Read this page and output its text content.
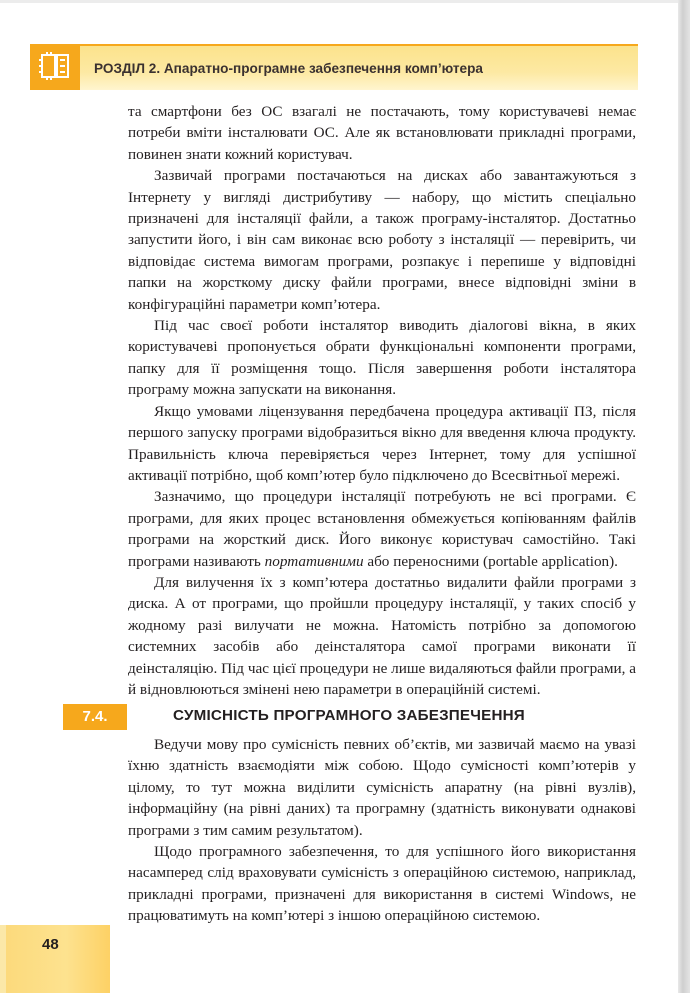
РОЗДІЛ 2. Апаратно-програмне забезпечення комп’ютера

та смартфони без ОС взагалі не постачають, тому користувачеві немає потреби вміти інсталювати ОС. Але як встановлювати прикладні програми, повинен знати кожний користувач.

Зазвичай програми постачаються на дисках або завантажуються з Інтернету у вигляді дистрибутиву — набору, що містить спеціально призначені для інсталяції файли, а також програму-інсталятор. Достатньо запустити його, і він сам виконає всю роботу з інсталяції — перевірить, чи відповідає система вимогам програми, розпакує і перепише у відповідні папки на жорсткому диску файли програми, внесе відповідні зміни в конфігураційні параметри комп’ютера.

Під час своєї роботи інсталятор виводить діалогові вікна, в яких користувачеві пропонується обрати функціональні компоненти програми, папку для її розміщення тощо. Після завершення роботи інсталятора програму можна запускати на виконання.

Якщо умовами ліцензування передбачена процедура активації ПЗ, після першого запуску програми відобразиться вікно для введення ключа продукту. Правильність ключа перевіряється через Інтернет, тому для успішної активації потрібно, щоб комп’ютер було підключено до Всесвітньої мережі.

Зазначимо, що процедури інсталяції потребують не всі програми. Є програми, для яких процес встановлення обмежується копіюванням файлів програми на жорсткий диск. Його виконує користувач самостійно. Такі програми називають портативними або переносними (portable application).

Для вилучення їх з комп’ютера достатньо видалити файли програми з диска. А от програми, що пройшли процедуру інсталяції, у таких спосіб у жодному разі вилучати не можна. Натомість потрібно за допомогою системних засобів або деінсталятора самої програми виконати її деінсталяцію. Під час цієї процедури не лише видаляються файли програми, а й відновлюються змінені нею параметри в операційній системі.

7.4.	СУМІСНІСТЬ ПРОГРАМНОГО ЗАБЕЗПЕЧЕННЯ

Ведучи мову про сумісність певних об’єктів, ми зазвичай маємо на увазі їхню здатність взаємодіяти між собою. Щодо сумісності комп’ютерів у цілому, то тут можна виділити сумісність апаратну (на рівні вузлів), інформаційну (на рівні даних) та програмну (здатність виконувати однакові програми з тим самим результатом).

Щодо програмного забезпечення, то для успішного його використання насамперед слід враховувати сумісність з операційною системою, наприклад, прикладні програми, призначені для використання в системі Windows, не працюватимуть на комп’ютері з іншою операційною системою.

48
